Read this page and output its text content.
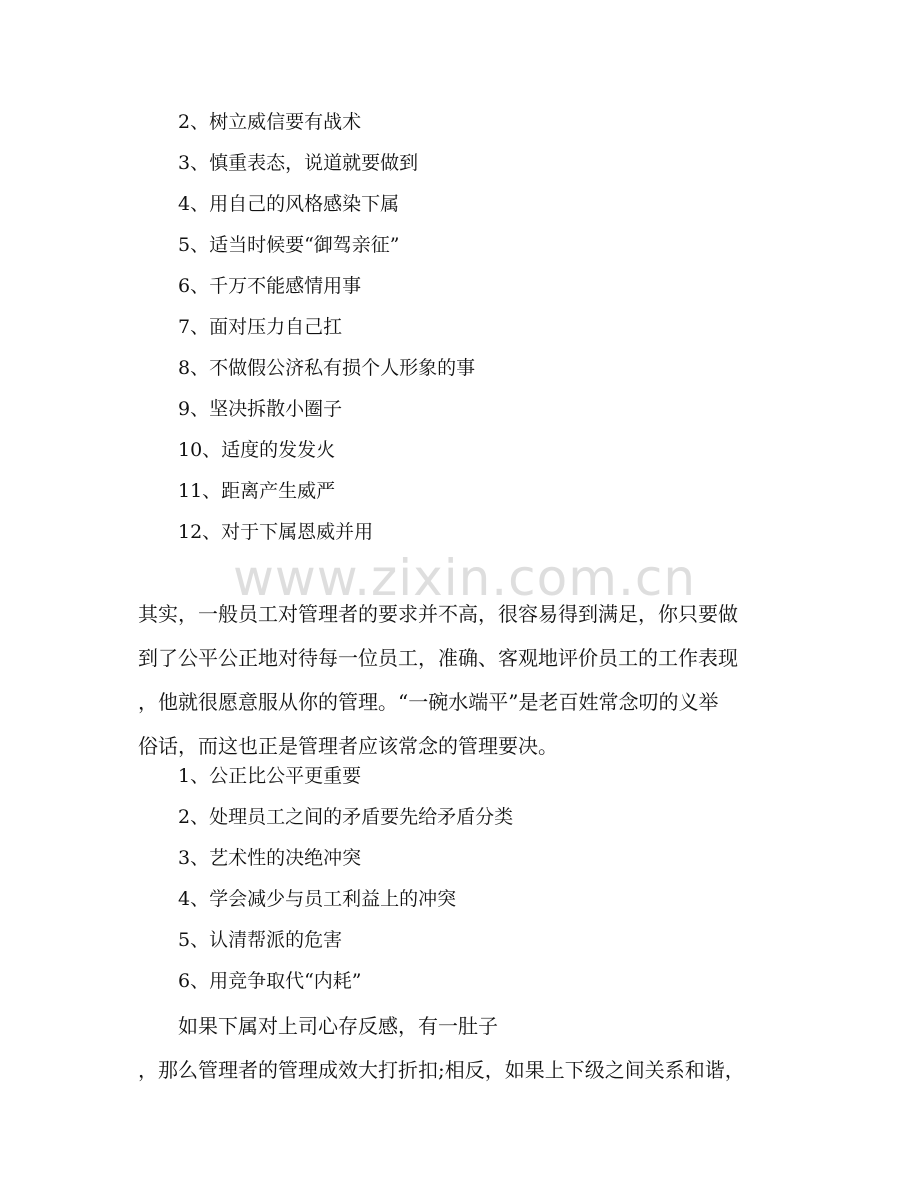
2、树立威信要有战术
3、慎重表态，说道就要做到
4、用自己的风格感染下属
5、适当时候要“御驾亲征”
6、千万不能感情用事
7、面对压力自己扛
8、不做假公济私有损个人形象的事
9、坚决拆散小圈子
10、适度的发发火
11、距离产生威严
12、对于下属恩威并用
www.zixin.com.cn

其实，一般员工对管理者的要求并不高，很容易得到满足，你只要做
到了公平公正地对待每一位员工，准确、客观地评价员工的工作表现
，他就很愿意服从你的管理。“一碗水端平”是老百姓常念叨的义举
俗话，而这也正是管理者应该常念的管理要决。

1、公正比公平更重要
2、处理员工之间的矛盾要先给矛盾分类
3、艺术性的决绝冲突
4、学会减少与员工利益上的冲突
5、认清帮派的危害
6、用竞争取代“内耗”
如果下属对上司心存反感，有一肚子
，那么管理者的管理成效大打折扣;相反，如果上下级之间关系和谐，
